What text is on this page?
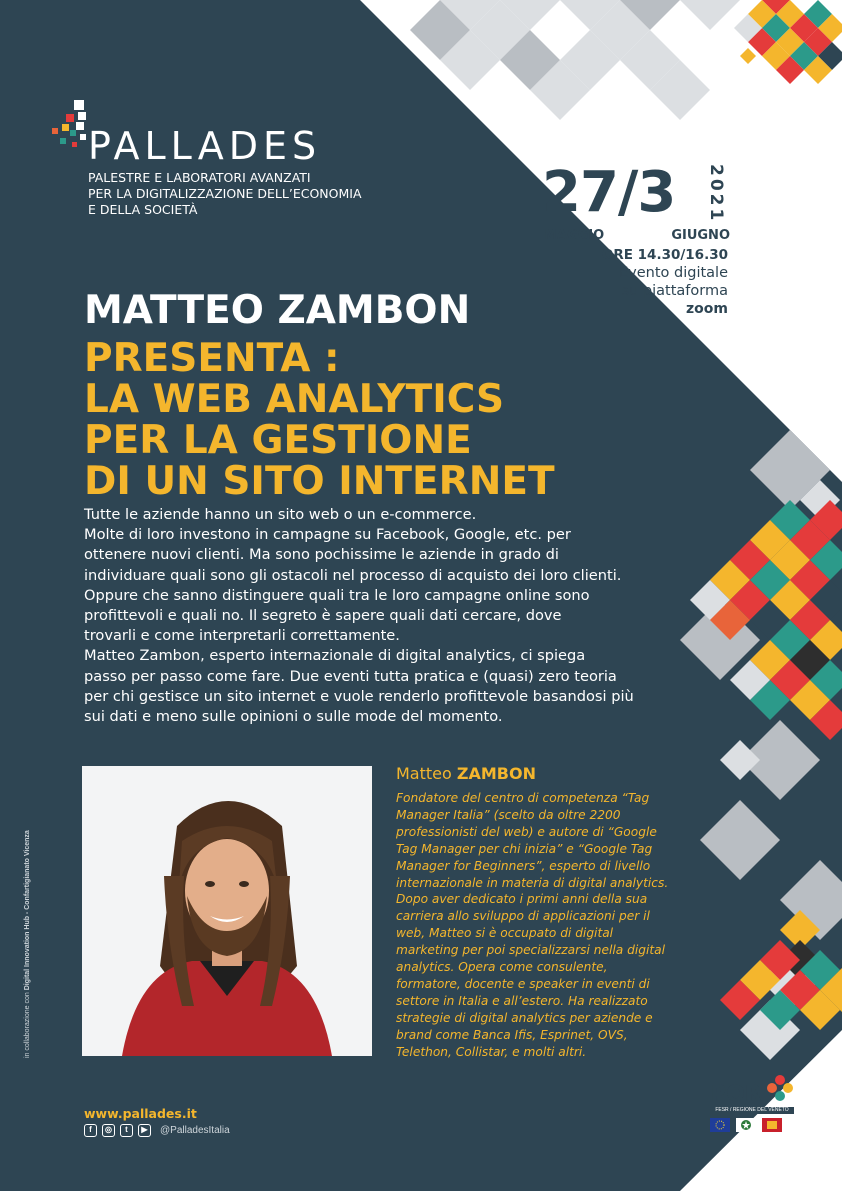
PALLADES
PALESTRE E LABORATORI AVANZATI
PER LA DIGITALIZZAZIONE DELL’ECONOMIA
E DELLA SOCIETÀ	27/3 2021
MAGGIO	GIUGNO
ORE 14.30/16.30
Evento digitale
su piattaforma
zoom
MATTEO ZAMBON
PRESENTA :
LA WEB ANALYTICS
PER LA GESTIONE
DI UN SITO INTERNET
Tutte le aziende hanno un sito web o un e-commerce.
Molte di loro investono in campagne su Facebook, Google, etc. per
ottenere nuovi clienti. Ma sono pochissime le aziende in grado di
individuare quali sono gli ostacoli nel processo di acquisto dei loro clienti.
Oppure che sanno distinguere quali tra le loro campagne online sono
profittevoli e quali no. Il segreto è sapere quali dati cercare, dove
trovarli e come interpretarli correttamente.
Matteo Zambon, esperto internazionale di digital analytics, ci spiega
passo per passo come fare. Due eventi tutta pratica e (quasi) zero teoria
per chi gestisce un sito internet e vuole renderlo profittevole basandosi più
sui dati e meno sulle opinioni o sulle mode del momento.
Matteo ZAMBON
Fondatore del centro di competenza “Tag
Manager Italia” (scelto da oltre 2200
professionisti del web) e autore di “Google
Tag Manager per chi inizia” e “Google Tag
Manager for Beginners”, esperto di livello
internazionale in materia di digital analytics.
Dopo aver dedicato i primi anni della sua
carriera allo sviluppo di applicazioni per il
web, Matteo si è occupato di digital
marketing per poi specializzarsi nella digital
analytics. Opera come consulente,
formatore, docente e speaker in eventi di
settore in Italia e all’estero. Ha realizzato
strategie di digital analytics per aziende e
brand come Banca Ifis, Esprinet, OVS,
Telethon, Collistar, e molti altri.
in collaborazione con Digital Innovation Hub - Confartigianato Vicenza
www.pallades.it
f	◎	t	▶	@PalladesItalia
POR
FESR / REGIONE DEL VENETO
